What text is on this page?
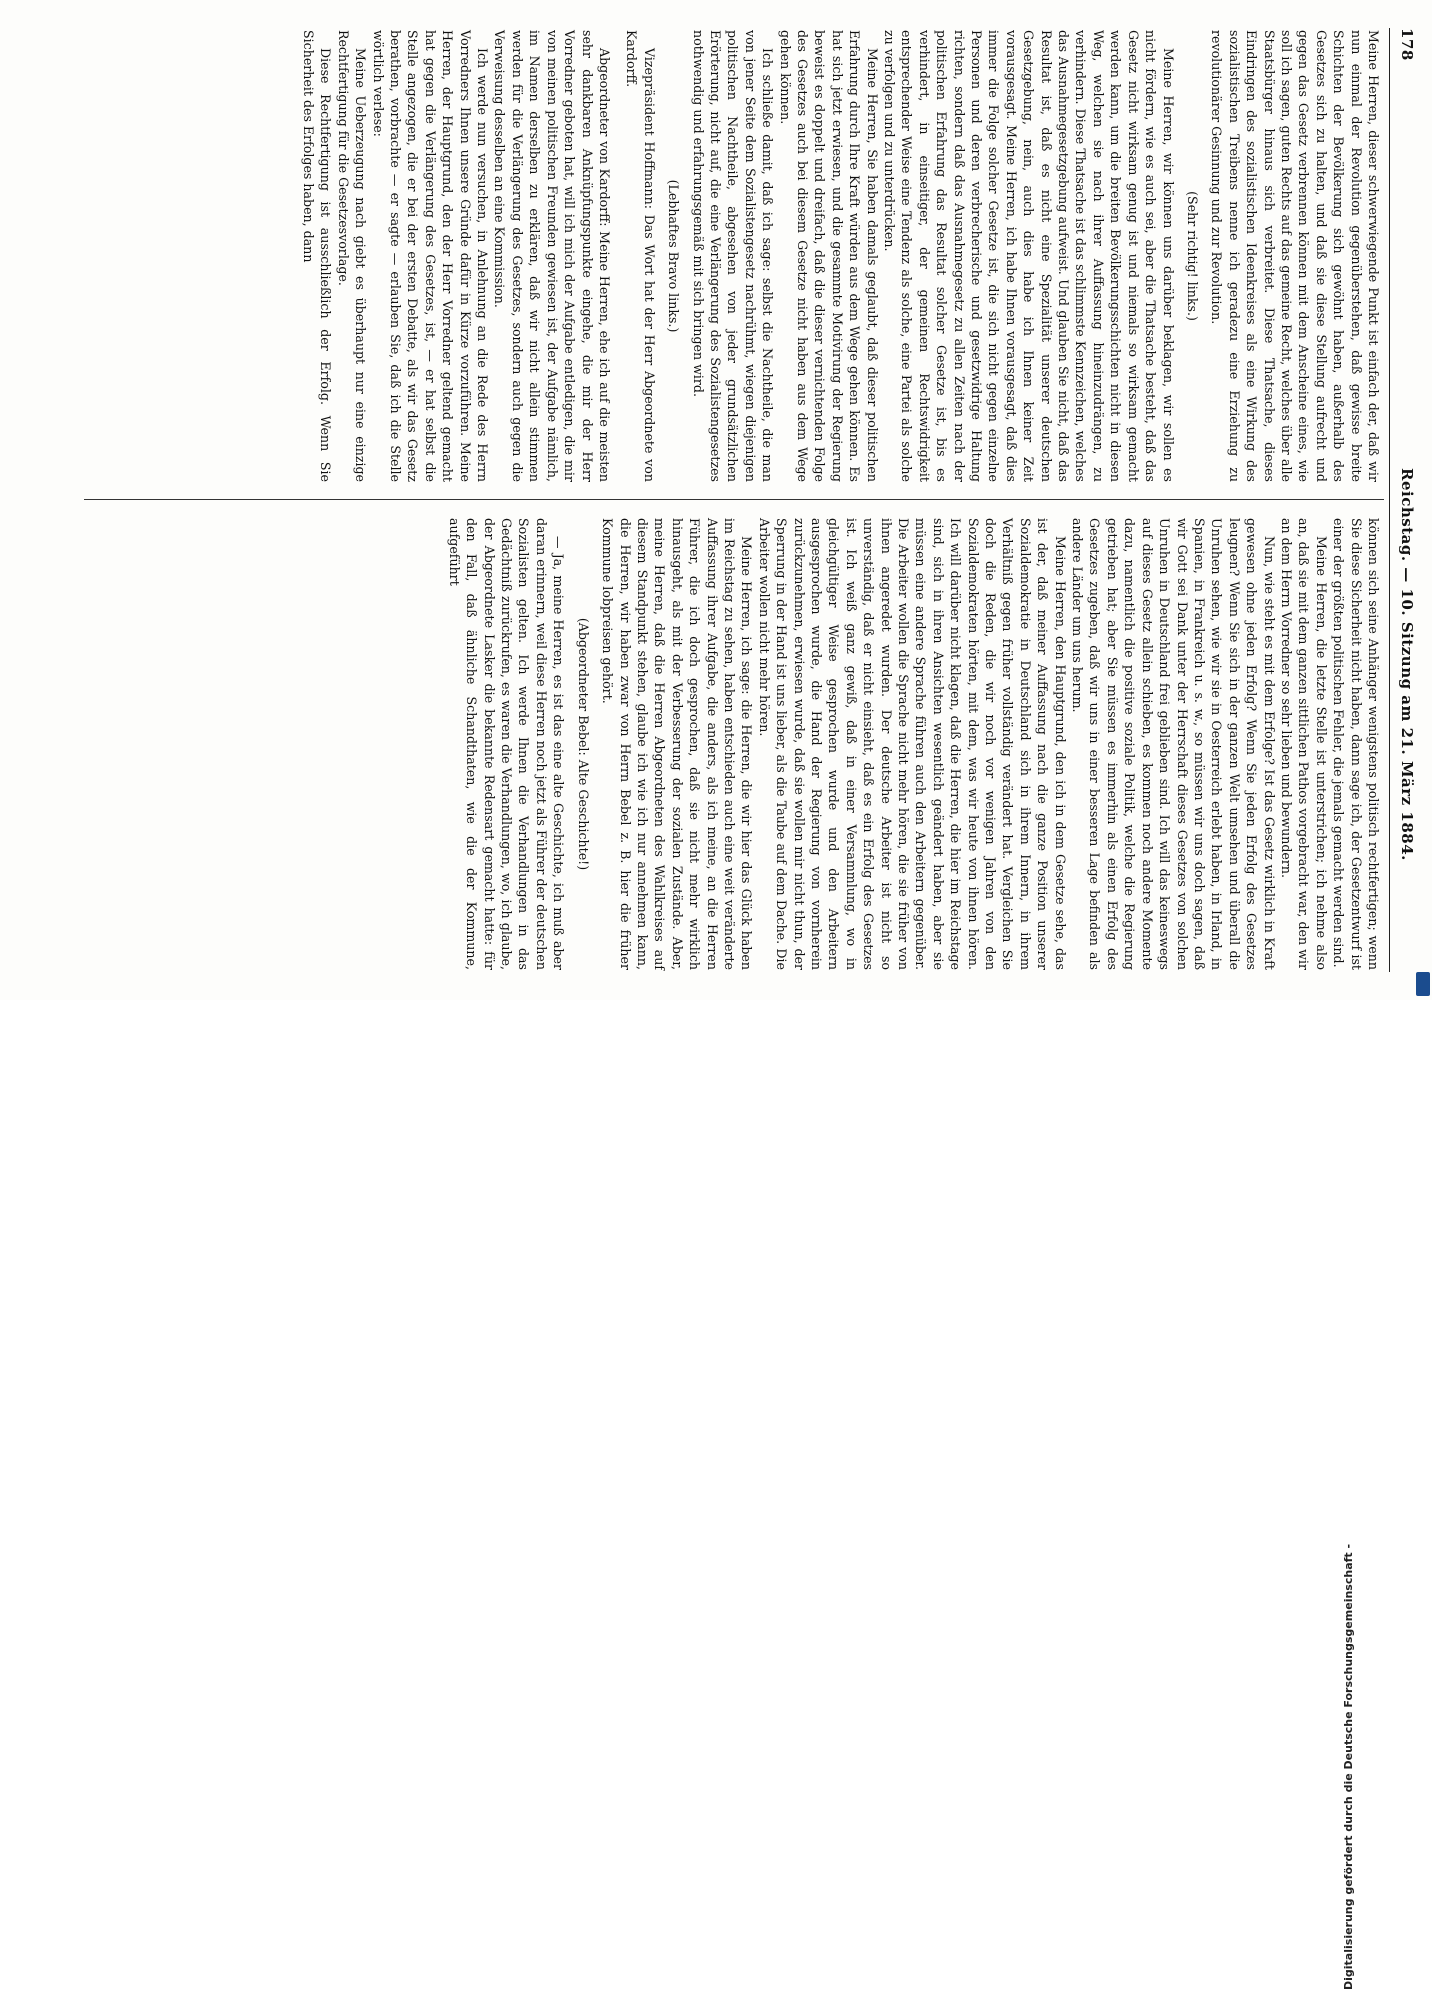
178
Reichstag. — 10. Sitzung am 21. März 1884.

Meine Herren, dieser schwerwiegende Punkt ist einfach der, daß wir nun einmal der Revolution gegenüberstehen, daß gewisse breite Schichten der Bevölkerung sich gewöhnt haben, außerhalb des Gesetzes sich zu halten, und daß sie diese Stellung aufrecht und gegen das Gesetz verbrennen können mit dem Anscheine eines, wie soll ich sagen, guten Rechts auf das gemeine Recht, welches über alle Staatsbürger hinaus sich verbreitet. Diese Thatsache, dieses Eindringen des sozialistischen Ideenkreises als eine Wirkung des sozialistischen Treibens nenne ich geradezu eine Erziehung zu revolutionärer Gesinnung und zur Revolution.

(Sehr richtig! links.)

Meine Herren, wir können uns darüber beklagen, wir sollen es nicht fördern, wie es auch sei, aber die Thatsache besteht, daß das Gesetz nicht wirksam genug ist und niemals so wirksam gemacht werden kann, um die breiten Bevölkerungsschichten nicht in diesen Weg, welchen sie nach ihrer Auffassung hineinzudrängen, zu verhindern. Diese Thatsache ist das schlimmste Kennzeichen, welches das Ausnahmegesetzgebung aufweist. Und glauben Sie nicht, daß das Resultat ist, daß es nicht eine Spezialität unserer deutschen Gesetzgebung, nein, auch dies habe ich Ihnen keiner Zeit vorausgesagt. Meine Herren, ich habe Ihnen vorausgesagt, daß dies immer die Folge solcher Gesetze ist, die sich nicht gegen einzelne Personen und deren verbrecherische und gesetzwidrige Haltung richten, sondern daß das Ausnahmegesetz zu allen Zeiten nach der politischen Erfahrung das Resultat solcher Gesetze ist, bis es verhindert, in einseitiger, der gemeinen Rechtswidrigkeit entsprechender Weise eine Tendenz als solche, eine Partei als solche zu verfolgen und zu unterdrücken.

Meine Herren, Sie haben damals geglaubt, daß dieser politischen Erfahrung durch Ihre Kraft würden aus dem Wege gehen können. Es hat sich jetzt erwiesen, und die gesammte Motivirung der Regierung beweist es doppelt und dreifach, daß die dieser vernichtenden Folge des Gesetzes auch bei diesem Gesetze nicht haben aus dem Wege gehen können.

Ich schließe damit, daß ich sage: selbst die Nachtheile, die man von jener Seite dem Sozialistengesetz nachrühmt, wiegen diejenigen politischen Nachtheile, abgesehen von jeder grundsätzlichen Erörterung, nicht auf, die eine Verlängerung des Sozialistengesetzes nothwendig und erfahrungsgemäß mit sich bringen wird.

(Lebhaftes Bravo links.)

Vizepräsident Hoffmann: Das Wort hat der Herr Abgeordnete von Kardorff.

Abgeordneter von Kardorff: Meine Herren, ehe ich auf die meisten sehr dankbaren Anknüpfungspunkte eingehe, die mir der Herr Vorredner geboten hat, will ich mich der Aufgabe entledigen, die mir von meinen politischen Freunden gewiesen ist, der Aufgabe nämlich, im Namen derselben zu erklären, daß wir nicht allein stimmen werden für die Verlängerung des Gesetzes, sondern auch gegen die Verweisung desselben an eine Kommission.

Ich werde nun versuchen, in Anlehnung an die Rede des Herrn Vorredners Ihnen unsere Gründe dafür in Kürze vorzuführen. Meine Herren, der Hauptgrund, den der Herr Vorredner geltend gemacht hat gegen die Verlängerung des Gesetzes, ist, — er hat selbst die Stelle angezogen, die er bei der ersten Debatte, als wir das Gesetz berathen, vorbrachte — er sagte — erlauben Sie, daß ich die Stelle wörtlich verlese:

Meine Ueberzeugung nach giebt es überhaupt nur eine einzige Rechtfertigung für die Gesetzesvorlage.

Diese Rechtfertigung ist ausschließlich der Erfolg. Wenn Sie Sicherheit des Erfolges haben, dann

können sich seine Anhänger wenigstens politisch rechtfertigen; wenn Sie diese Sicherheit nicht haben, dann sage ich, der Gesetzentwurf ist einer der größten politischen Fehler, die jemals gemacht werden sind.

Meine Herren, die letzte Stelle ist unterstrichen; ich nehme also an, daß sie mit dem ganzen sittlichen Pathos vorgebracht war, den wir an dem Herrn Vorredner so sehr lieben und bewundern.

Nun, wie steht es mit dem Erfolge? Ist das Gesetz wirklich in Kraft gewesen ohne jeden Erfolg? Wenn Sie jeden Erfolg des Gesetzes leugnen? Wenn Sie sich in der ganzen Welt umsehen und überall die Unruhen sehen, wie wir sie in Oesterreich erlebt haben, in Irland, in Spanien, in Frankreich u. s. w., so müssen wir uns doch sagen, daß wir Gott sei Dank unter der Herrschaft dieses Gesetzes von solchen Unruhen in Deutschland frei geblieben sind. Ich will das keineswegs auf dieses Gesetz allein schieben, es kommen noch andere Momente dazu, namentlich die positive soziale Politik, welche die Regierung getrieben hat; aber Sie müssen es immerhin als einen Erfolg des Gesetzes zugeben, daß wir uns in einer besseren Lage befinden als andere Länder um uns herum.

Meine Herren, den Hauptgrund, den ich in dem Gesetze sehe, das ist der, daß meiner Auffassung nach die ganze Position unserer Sozialdemokratie in Deutschland sich in ihrem Innern, in ihrem Verhältniß gegen früher vollständig verändert hat. Vergleichen Sie doch die Reden, die wir noch vor wenigen Jahren von den Sozialdemokraten hörten, mit dem, was wir heute von ihnen hören. Ich will darüber nicht klagen, daß die Herren, die hier im Reichstage sind, sich in ihren Ansichten wesentlich geändert haben, aber sie müssen eine andere Sprache führen auch den Arbeitern gegenüber. Die Arbeiter wollen die Sprache nicht mehr hören, die sie früher von ihnen angeredet wurden. Der deutsche Arbeiter ist nicht so unverständig, daß er nicht einsieht, daß es ein Erfolg des Gesetzes ist. Ich weiß ganz gewiß, daß in einer Versammlung, wo in gleichgültiger Weise gesprochen wurde und den Arbeitern ausgesprochen wurde, die Hand der Regierung von vornherein zurückzunehmen, erwiesen wurde, daß sie wollen mir nicht thun, der Sperrung in der Hand ist uns lieber, als die Taube auf dem Dache. Die Arbeiter wollen nicht mehr hören.

Meine Herren, ich sage: die Herren, die wir hier das Glück haben im Reichstag zu sehen, haben entschieden auch eine weit veränderte Auffassung ihrer Aufgabe, die anders, als ich meine, an die Herren Führer, die ich doch gesprochen, daß sie nicht mehr wirklich hinausgeht, als mit der Verbesserung der sozialen Zustände. Aber, meine Herren, daß die Herren Abgeordneten des Wahlkreises auf diesem Standpunkt stehen, glaube ich wie ich nur annehmen kann, die Herren, wir haben zwar von Herrn Bebel z. B. hier die früher Kommune lobpreisen gehört.

(Abgeordneter Bebel: Alte Geschichte!)

— Ja, meine Herren, es ist das eine alte Geschichte, ich muß aber daran erinnern, weil diese Herren noch jetzt als Führer der deutschen Sozialisten gelten. Ich werde Ihnen die Verhandlungen in das Gedächtniß zurückrufen, es waren die Verhandlungen, wo, ich glaube, der Abgeordnete Lasker die bekannte Redensart gemacht hatte: für den Fall, daß ähnliche Schandthaten, wie die der Kommune, aufgeführt

Digitalisierung gefördert durch die Deutsche Forschungsgemeinschaft -
